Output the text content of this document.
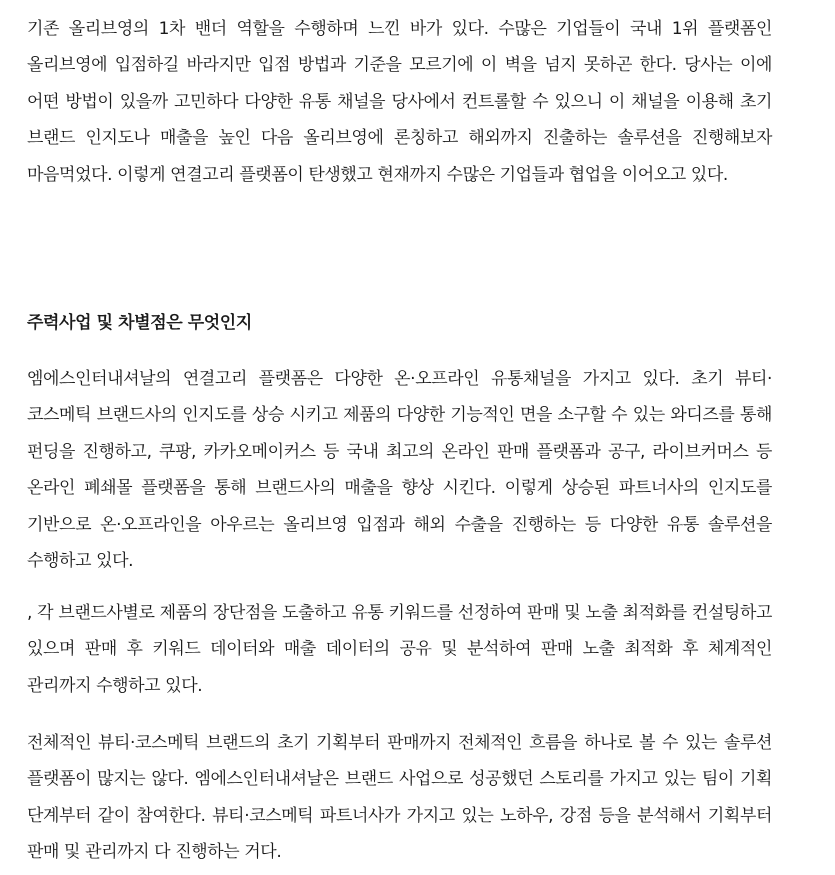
기존 올리브영의 1차 밴더 역할을 수행하며 느낀 바가 있다. 수많은 기업들이 국내 1위 플랫폼인 올리브영에 입점하길 바라지만 입점 방법과 기준을 모르기에 이 벽을 넘지 못하곤 한다. 당사는 이에 어떤 방법이 있을까 고민하다 다양한 유통 채널을 당사에서 컨트롤할 수 있으니 이 채널을 이용해 초기 브랜드 인지도나 매출을 높인 다음 올리브영에 론칭하고 해외까지 진출하는 솔루션을 진행해보자 마음먹었다. 이렇게 연결고리 플랫폼이 탄생했고 현재까지 수많은 기업들과 협업을 이어오고 있다.

주력사업 및 차별점은 무엇인지

엠에스인터내셔날의 연결고리 플랫폼은 다양한 온·오프라인 유통채널을 가지고 있다. 초기 뷰티·코스메틱 브랜드사의 인지도를 상승 시키고 제품의 다양한 기능적인 면을 소구할 수 있는 와디즈를 통해 펀딩을 진행하고, 쿠팡, 카카오메이커스 등 국내 최고의 온라인 판매 플랫폼과 공구, 라이브커머스 등 온라인 폐쇄몰 플랫폼을 통해 브랜드사의 매출을 향상 시킨다. 이렇게 상승된 파트너사의 인지도를 기반으로 온·오프라인을 아우르는 올리브영 입점과 해외 수출을 진행하는 등 다양한 유통 솔루션을 수행하고 있다.

, 각 브랜드사별로 제품의 장단점을 도출하고 유통 키워드를 선정하여 판매 및 노출 최적화를 컨설팅하고 있으며 판매 후 키워드 데이터와 매출 데이터의 공유 및 분석하여 판매 노출 최적화 후 체계적인 관리까지 수행하고 있다.

전체적인 뷰티·코스메틱 브랜드의 초기 기획부터 판매까지 전체적인 흐름을 하나로 볼 수 있는 솔루션 플랫폼이 많지는 않다. 엠에스인터내셔날은 브랜드 사업으로 성공했던 스토리를 가지고 있는 팀이 기획 단계부터 같이 참여한다. 뷰티·코스메틱 파트너사가 가지고 있는 노하우, 강점 등을 분석해서 기획부터 판매 및 관리까지 다 진행하는 거다.
